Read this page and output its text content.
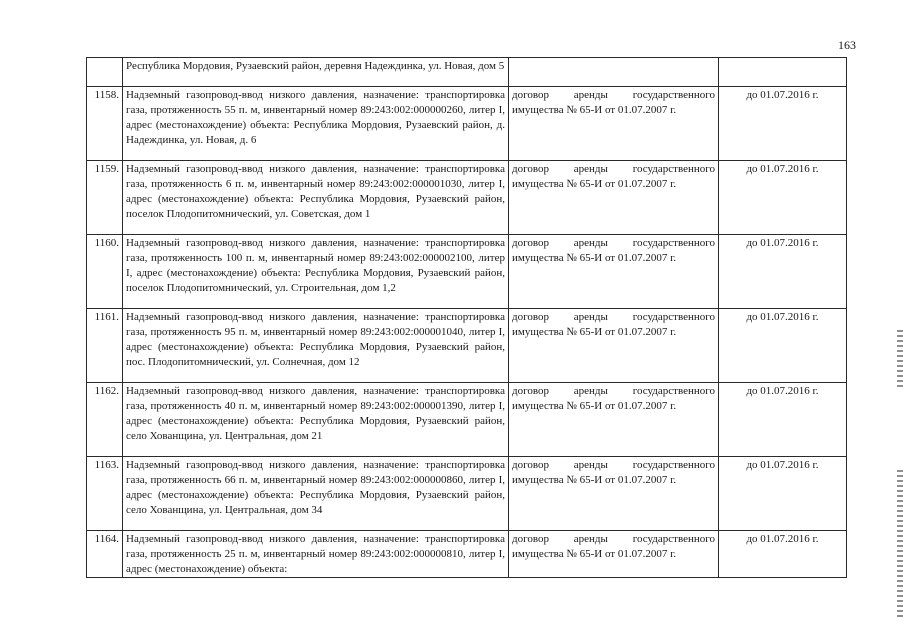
163
	Республика Мордовия, Рузаевский район, деревня Надеждинка, ул. Новая, дом 5		
1158.	Надземный газопровод-ввод низкого давления, назначение: транспортировка газа, протяженность 55 п. м, инвентарный номер 89:243:002:000000260, литер I, адрес (местонахождение) объекта: Республика Мордовия, Рузаевский район, д. Надеждинка, ул. Новая, д. 6	договор аренды государственного имущества № 65-И от 01.07.2007 г.	до 01.07.2016 г.
1159.	Надземный газопровод-ввод низкого давления, назначение: транспортировка газа, протяженность 6 п. м, инвентарный номер 89:243:002:000001030, литер I, адрес (местонахождение) объекта: Республика Мордовия, Рузаевский район, поселок Плодопитомнический, ул. Советская, дом 1	договор аренды государственного имущества № 65-И от 01.07.2007 г.	до 01.07.2016 г.
1160.	Надземный газопровод-ввод низкого давления, назначение: транспортировка газа, протяженность 100 п. м, инвентарный номер 89:243:002:000002100, литер I, адрес (местонахождение) объекта: Республика Мордовия, Рузаевский район, поселок Плодопитомнический, ул. Строительная, дом 1,2	договор аренды государственного имущества № 65-И от 01.07.2007 г.	до 01.07.2016 г.
1161.	Надземный газопровод-ввод низкого давления, назначение: транспортировка газа, протяженность 95 п. м, инвентарный номер 89:243:002:000001040, литер I, адрес (местонахождение) объекта: Республика Мордовия, Рузаевский район, пос. Плодопитомнический, ул. Солнечная, дом 12	договор аренды государственного имущества № 65-И от 01.07.2007 г.	до 01.07.2016 г.
1162.	Надземный газопровод-ввод низкого давления, назначение: транспортировка газа, протяженность 40 п. м, инвентарный номер 89:243:002:000001390, литер I, адрес (местонахождение) объекта: Республика Мордовия, Рузаевский район, село Хованщина, ул. Центральная, дом 21	договор аренды государственного имущества № 65-И от 01.07.2007 г.	до 01.07.2016 г.
1163.	Надземный газопровод-ввод низкого давления, назначение: транспортировка газа, протяженность 66 п. м, инвентарный номер 89:243:002:000000860, литер I, адрес (местонахождение) объекта: Республика Мордовия, Рузаевский район, село Хованщина, ул. Центральная, дом 34	договор аренды государственного имущества № 65-И от 01.07.2007 г.	до 01.07.2016 г.
1164.	Надземный газопровод-ввод низкого давления, назначение: транспортировка газа, протяженность 25 п. м, инвентарный номер 89:243:002:000000810, литер I, адрес (местонахождение) объекта:	договор аренды государственного имущества № 65-И от 01.07.2007 г.	до 01.07.2016 г.
